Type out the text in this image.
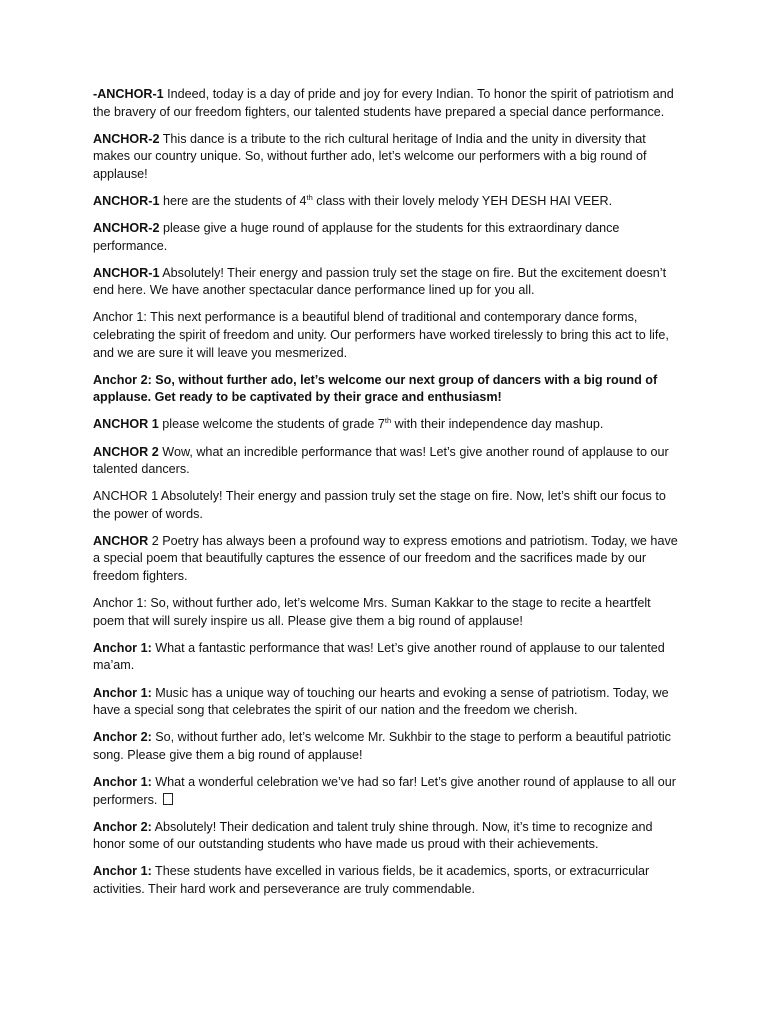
-ANCHOR-1 Indeed, today is a day of pride and joy for every Indian. To honor the spirit of patriotism and the bravery of our freedom fighters, our talented students have prepared a special dance performance.

ANCHOR-2 This dance is a tribute to the rich cultural heritage of India and the unity in diversity that makes our country unique. So, without further ado, let’s welcome our performers with a big round of applause!

ANCHOR-1 here are the students of 4th class with their lovely melody YEH DESH HAI VEER.

ANCHOR-2 please give a huge round of applause for the students for this extraordinary dance performance.

ANCHOR-1 Absolutely! Their energy and passion truly set the stage on fire. But the excitement doesn’t end here. We have another spectacular dance performance lined up for you all.

Anchor 1: This next performance is a beautiful blend of traditional and contemporary dance forms, celebrating the spirit of freedom and unity. Our performers have worked tirelessly to bring this act to life, and we are sure it will leave you mesmerized.

Anchor 2: So, without further ado, let’s welcome our next group of dancers with a big round of applause. Get ready to be captivated by their grace and enthusiasm!

ANCHOR 1 please welcome the students of grade 7th with their independence day mashup.

ANCHOR 2 Wow, what an incredible performance that was! Let’s give another round of applause to our talented dancers.

ANCHOR 1 Absolutely! Their energy and passion truly set the stage on fire. Now, let’s shift our focus to the power of words.

ANCHOR 2 Poetry has always been a profound way to express emotions and patriotism. Today, we have a special poem that beautifully captures the essence of our freedom and the sacrifices made by our freedom fighters.

Anchor 1: So, without further ado, let’s welcome Mrs. Suman Kakkar to the stage to recite a heartfelt poem that will surely inspire us all. Please give them a big round of applause!

Anchor 1: What a fantastic performance that was! Let’s give another round of applause to our talented ma’am.

Anchor 1: Music has a unique way of touching our hearts and evoking a sense of patriotism. Today, we have a special song that celebrates the spirit of our nation and the freedom we cherish.

Anchor 2: So, without further ado, let’s welcome Mr. Sukhbir to the stage to perform a beautiful patriotic song. Please give them a big round of applause!

Anchor 1: What a wonderful celebration we’ve had so far! Let’s give another round of applause to all our performers.

Anchor 2: Absolutely! Their dedication and talent truly shine through. Now, it’s time to recognize and honor some of our outstanding students who have made us proud with their achievements.

Anchor 1: These students have excelled in various fields, be it academics, sports, or extracurricular activities. Their hard work and perseverance are truly commendable.
